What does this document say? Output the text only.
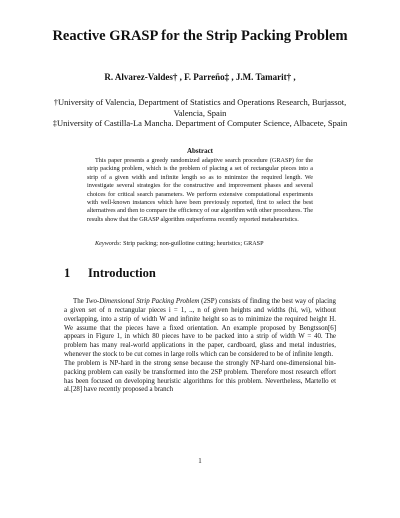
Reactive GRASP for the Strip Packing Problem
R. Alvarez-Valdes† , F. Parreño‡ , J.M. Tamarit† ,
†University of Valencia, Department of Statistics and Operations Research, Burjassot, Valencia, Spain
‡University of Castilla-La Mancha. Department of Computer Science, Albacete, Spain
Abstract
This paper presents a greedy randomized adaptive search procedure (GRASP) for the strip packing problem, which is the problem of placing a set of rectangular pieces into a strip of a given width and infinite length so as to minimize the required length. We investigate several strategies for the constructive and improvement phases and several choices for critical search parameters. We perform extensive computational experiments with well-known instances which have been previously reported, first to select the best alternatives and then to compare the efficiency of our algorithm with other procedures. The results show that the GRASP algorithm outperforms recently reported metaheuristics.
Keywords: Strip packing; non-guillotine cutting; heuristics; GRASP
1 Introduction

The Two-Dimensional Strip Packing Problem (2SP) consists of finding the best way of placing a given set of n rectangular pieces i = 1, .., n of given heights and widths (hi, wi), without overlapping, into a strip of width W and infinite height so as to minimize the required height H. We assume that the pieces have a fixed orientation. An example proposed by Bengtsson[6] appears in Figure 1, in which 80 pieces have to be packed into a strip of width W = 40. The problem has many real-world applications in the paper, cardboard, glass and metal industries, whenever the stock to be cut comes in large rolls which can be considered to be of infinite length.

The problem is NP-hard in the strong sense because the strongly NP-hard one-dimensional bin-packing problem can easily be transformed into the 2SP problem. Therefore most research effort has been focused on developing heuristic algorithms for this problem. Nevertheless, Martello et al.[28] have recently proposed a branch

1
